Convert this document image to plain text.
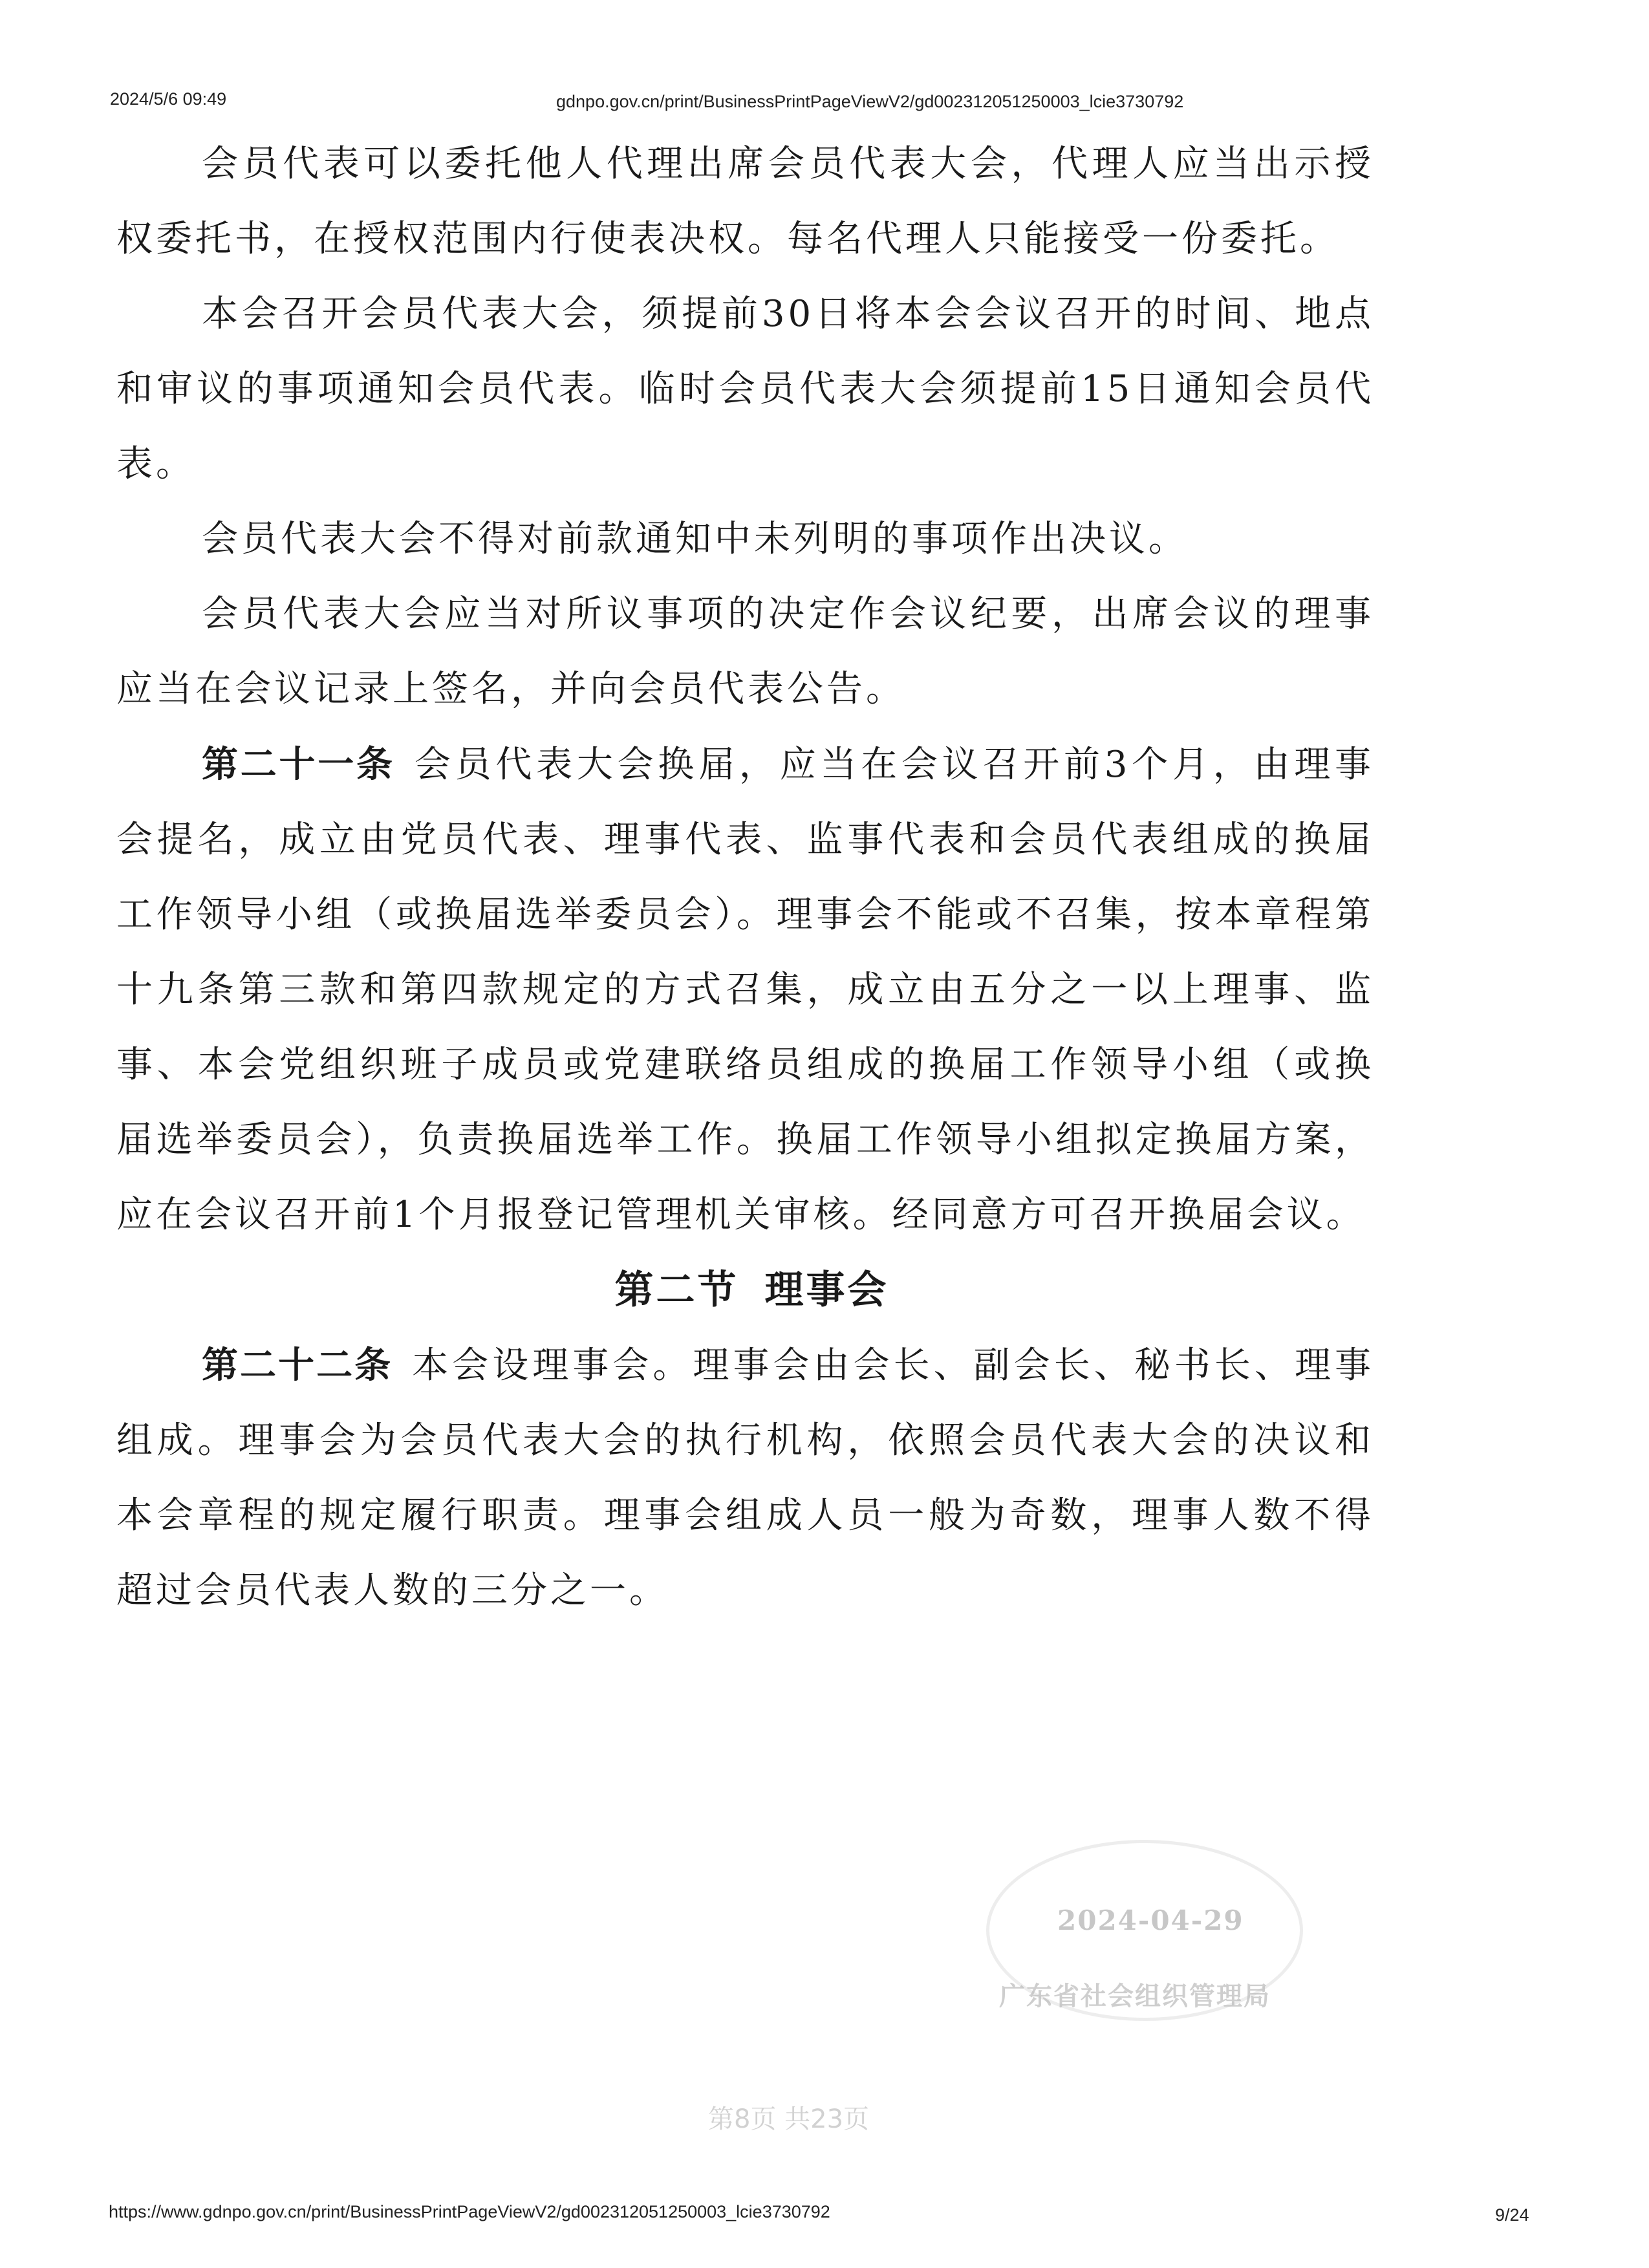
2024/5/6 09:49	gdnpo.gov.cn/print/BusinessPrintPageViewV2/gd002312051250003_lcie3730792

会员代表可以委托他人代理出席会员代表大会，代理人应当出示授权委托书，在授权范围内行使表决权。每名代理人只能接受一份委托。

本会召开会员代表大会，须提前30日将本会会议召开的时间、地点和审议的事项通知会员代表。临时会员代表大会须提前15日通知会员代表。

会员代表大会不得对前款通知中未列明的事项作出决议。

会员代表大会应当对所议事项的决定作会议纪要，出席会议的理事应当在会议记录上签名，并向会员代表公告。

第二十一条 会员代表大会换届，应当在会议召开前3个月，由理事会提名，成立由党员代表、理事代表、监事代表和会员代表组成的换届工作领导小组（或换届选举委员会）。理事会不能或不召集，按本章程第十九条第三款和第四款规定的方式召集，成立由五分之一以上理事、监事、本会党组织班子成员或党建联络员组成的换届工作领导小组（或换届选举委员会），负责换届选举工作。换届工作领导小组拟定换届方案，应在会议召开前1个月报登记管理机关审核。经同意方可召开换届会议。

第二节 理事会

第二十二条 本会设理事会。理事会由会长、副会长、秘书长、理事组成。理事会为会员代表大会的执行机构，依照会员代表大会的决议和本会章程的规定履行职责。理事会组成人员一般为奇数，理事人数不得超过会员代表人数的三分之一。

2024-04-29
广东省社会组织管理局
第8页 共23页
https://www.gdnpo.gov.cn/print/BusinessPrintPageViewV2/gd002312051250003_lcie3730792	9/24
